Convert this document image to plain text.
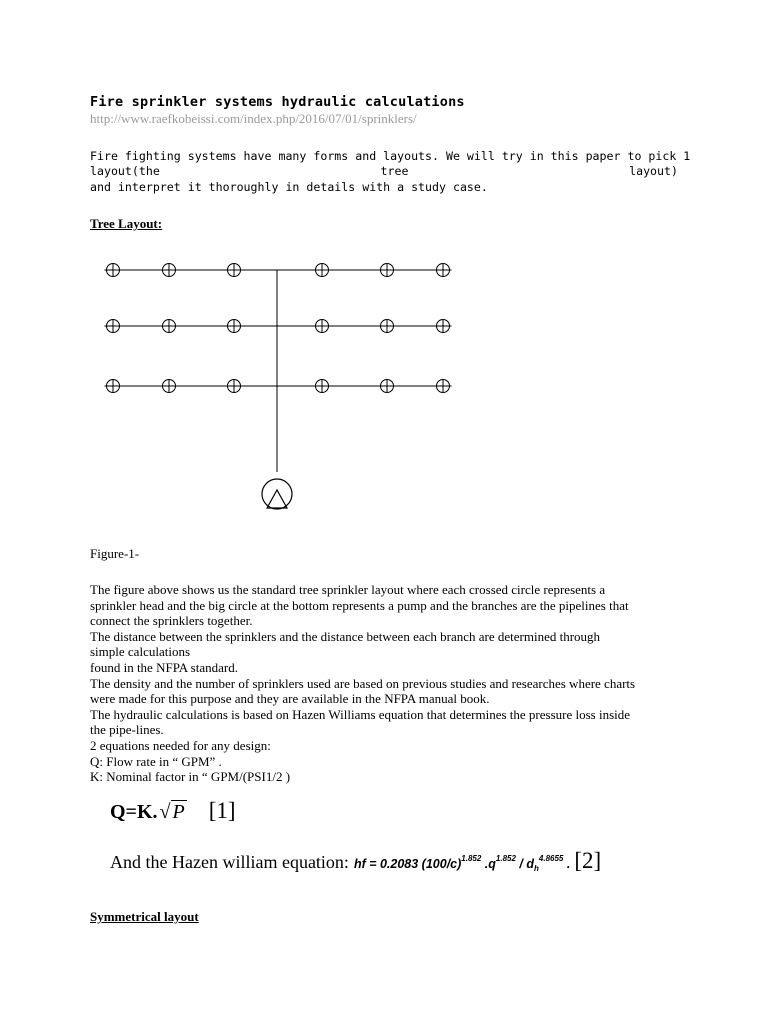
Fire sprinkler systems hydraulic calculations
http://www.raefkobeissi.com/index.php/2016/07/01/sprinklers/
Fire fighting systems have many forms and layouts. We will try in this paper to pick 1
layout(the	tree	layout)
and interpret it thoroughly in details with a study case.
Tree Layout:
Figure-1-
The figure above shows us the standard tree sprinkler layout where each crossed circle represents a
sprinkler head and the big circle at the bottom represents a pump and the branches are the pipelines that
connect the sprinklers together.
The distance between the sprinklers and the distance between each branch are determined through
simple calculations
found in the NFPA standard.
The density and the number of sprinklers used are based on previous studies and researches where charts
were made for this purpose and they are available in the NFPA manual book.
The hydraulic calculations is based on Hazen Williams equation that determines the pressure loss inside
the pipe-lines.
2 equations needed for any design:
Q: Flow rate in “ GPM” .
K: Nominal factor in “ GPM/(PSI1/2 )
Q=K. √ P [1]
And the Hazen william equation: hf = 0.2083 $(100/c)^{1.852}$ $.q^{1.852} / d_h^{4.8655}$ . [2]
Symmetrical layout
